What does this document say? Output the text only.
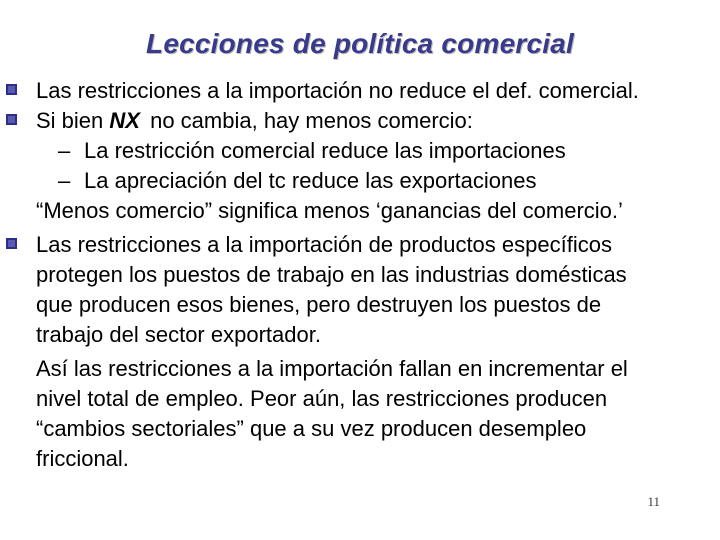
Lecciones de política comercial
Las restricciones a la importación no reduce el def. comercial.
Si bien NX no cambia, hay menos comercio:
– La restricción comercial reduce las importaciones
– La apreciación del tc reduce las exportaciones
“Menos comercio” significa menos ‘ganancias del comercio.’
Las restricciones a la importación de productos específicos
protegen los puestos de trabajo en las industrias domésticas
que producen esos bienes, pero destruyen los puestos de
trabajo del sector exportador.
Así las restricciones a la importación fallan en incrementar el
nivel total de empleo. Peor aún, las restricciones producen
“cambios sectoriales” que a su vez producen desempleo
friccional.
11
